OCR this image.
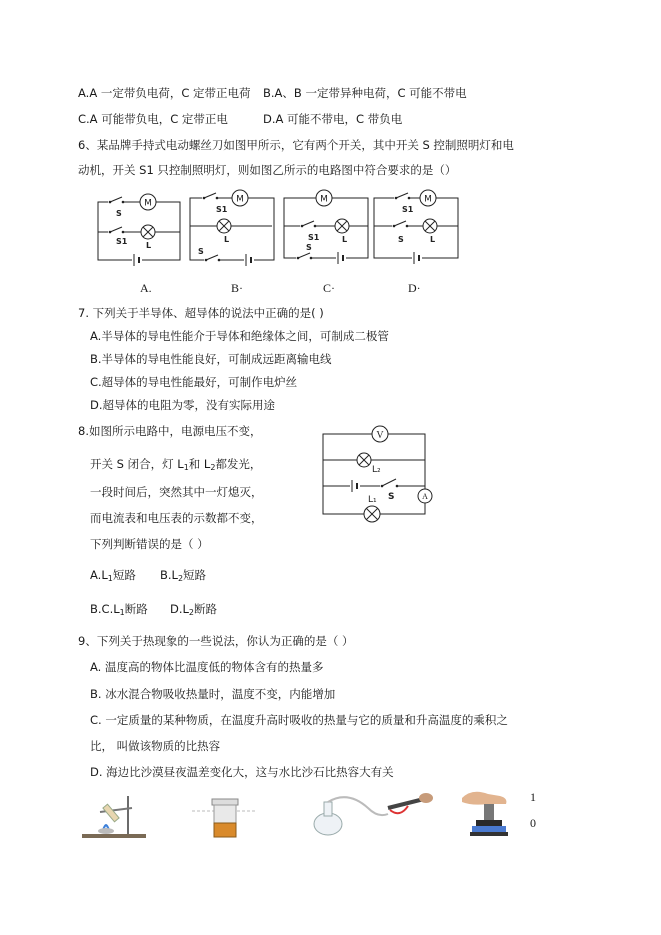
A.A 一定带负电荷，C 定带正电荷 B.A、B 一定带异种电荷，C 可能不带电
C.A 可能带负电，C 定带正电	D.A 可能不带电，C 带负电
6、某品牌手持式电动螺丝刀如图甲所示，它有两个开关，其中开关 S 控制照明灯和电
动机，开关 S1 只控制照明灯，则如图乙所示的电路图中符合要求的是（）
M
S
S1 L
M
S1
L
S
M
S1	L
S
M
S1
S	L
A.	B·	C·	D·
7. 下列关于半导体、超导体的说法中正确的是( )
A.半导体的导电性能介于导体和绝缘体之间，可制成二极管
B.半导体的导电性能良好，可制成远距离输电线
C.超导体的导电性能最好，可制作电炉丝
D.超导体的电阻为零，没有实际用途
8.如图所示电路中，电源电压不变，
开关 S 闭合，灯 $L_1$和 $L_2$都发光，
一段时间后，突然其中一灯熄灭，
而电流表和电压表的示数都不变，
下列判断错误的是（ ）
$A.L_1$短路 $B.L_2$短路
$B.C.L_1$断路 $D.L_2$断路
V
L₂
S
L₁	A
9、下列关于热现象的一些说法，你认为正确的是（ ）
A. 温度高的物体比温度低的物体含有的热量多
B. 冰水混合物吸收热量时，温度不变，内能增加
C. 一定质量的某种物质，在温度升高时吸收的热量与它的质量和升高温度的乘积之
比， 叫做该物质的比热容
D. 海边比沙漠昼夜温差变化大，这与水比沙石比热容大有关
1
0
